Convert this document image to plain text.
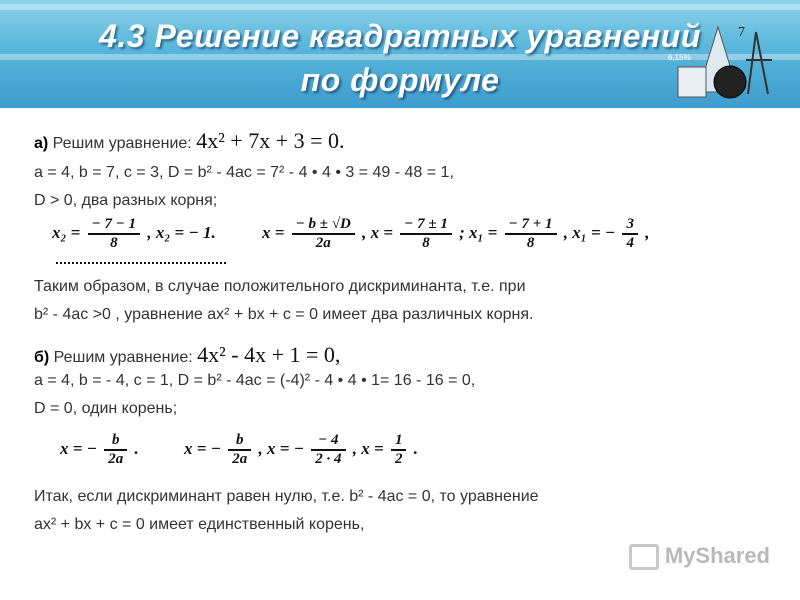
4.3 Решение квадратных уравнений
по формуле
7
6,15%
а) Решим уравнение: 4x² + 7x + 3 = 0.
a = 4, b = 7, c = 3, D = b² - 4ac = 7² - 4 • 4 • 3 = 49 - 48 = 1,
D > 0, два разных корня;
$x_2 = \frac{- 7 - 1}{8}$ , x₂ = − 1.	$x = \frac{- b \pm √D}{2a}$ , $x = \frac{- 7 \pm 1}{8}$ ; $x_1 = \frac{- 7 + 1}{8}$ , x₁ = − $\frac{3}{4}$ ,
Таким образом, в случае положительного дискриминанта, т.е. при
b² - 4ac >0 , уравнение ax² + bx + c = 0 имеет два различных корня.
б) Решим уравнение: 4x² - 4x + 1 = 0,
a = 4, b = - 4, c = 1, D = b² - 4ac = (-4)² - 4 • 4 • 1= 16 - 16 = 0,
D = 0, один корень;
x = − $\frac{b}{2a}$ .	x = − $\frac{b}{2a}$ , x = − $\frac{- 4}{2 \cdot 4}$ , $x = \frac{1}{2}$ .
Итак, если дискриминант равен нулю, т.е. b² - 4ac = 0, то уравнение
ax² + bx + c = 0 имеет единственный корень,
MyShared
